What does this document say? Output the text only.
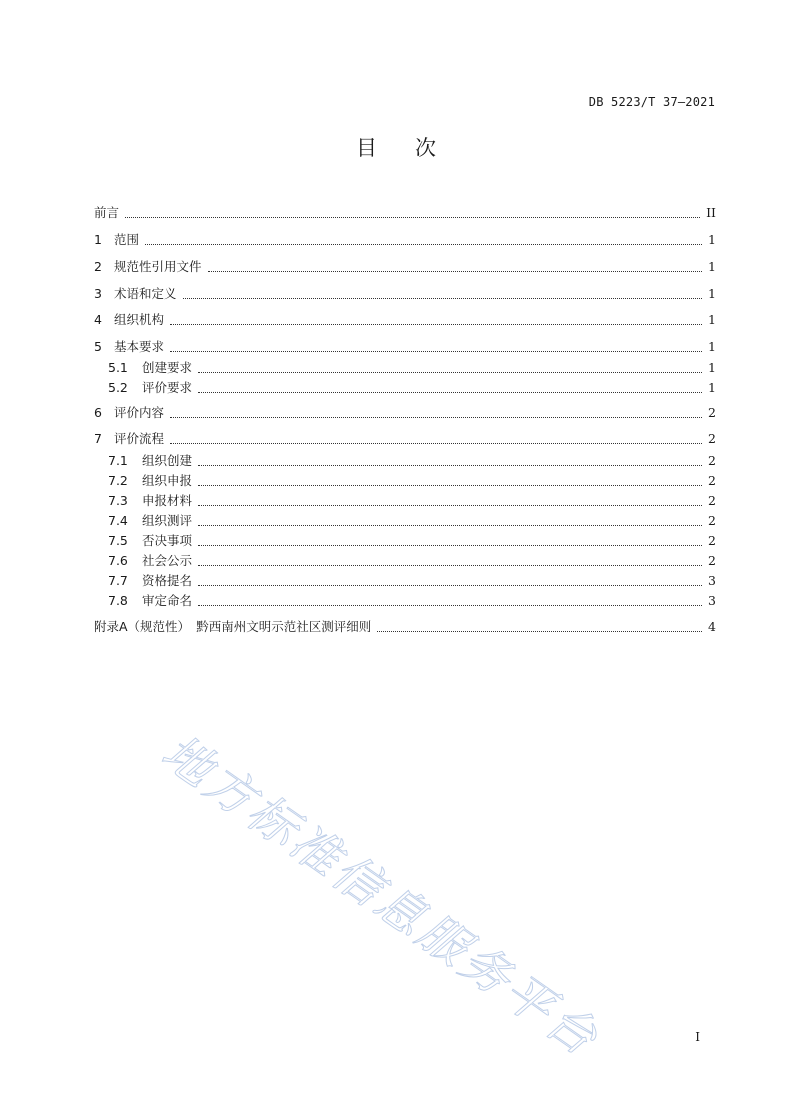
DB 5223/T 37—2021
目次
前言	II
1 范围	1
2 规范性引用文件	1
3 术语和定义	1
4 组织机构	1
5 基本要求	1
5.1	创建要求	1
5.2	评价要求	1
6 评价内容	2
7 评价流程	2
7.1	组织创建	2
7.2	组织申报	2
7.3	申报材料	2
7.4	组织测评	2
7.5	否决事项	2
7.6	社会公示	2
7.7	资格提名	3
7.8	审定命名	3
附录A（规范性）　黔西南州文明示范社区测评细则	4
地方标准信息服务平台	I
